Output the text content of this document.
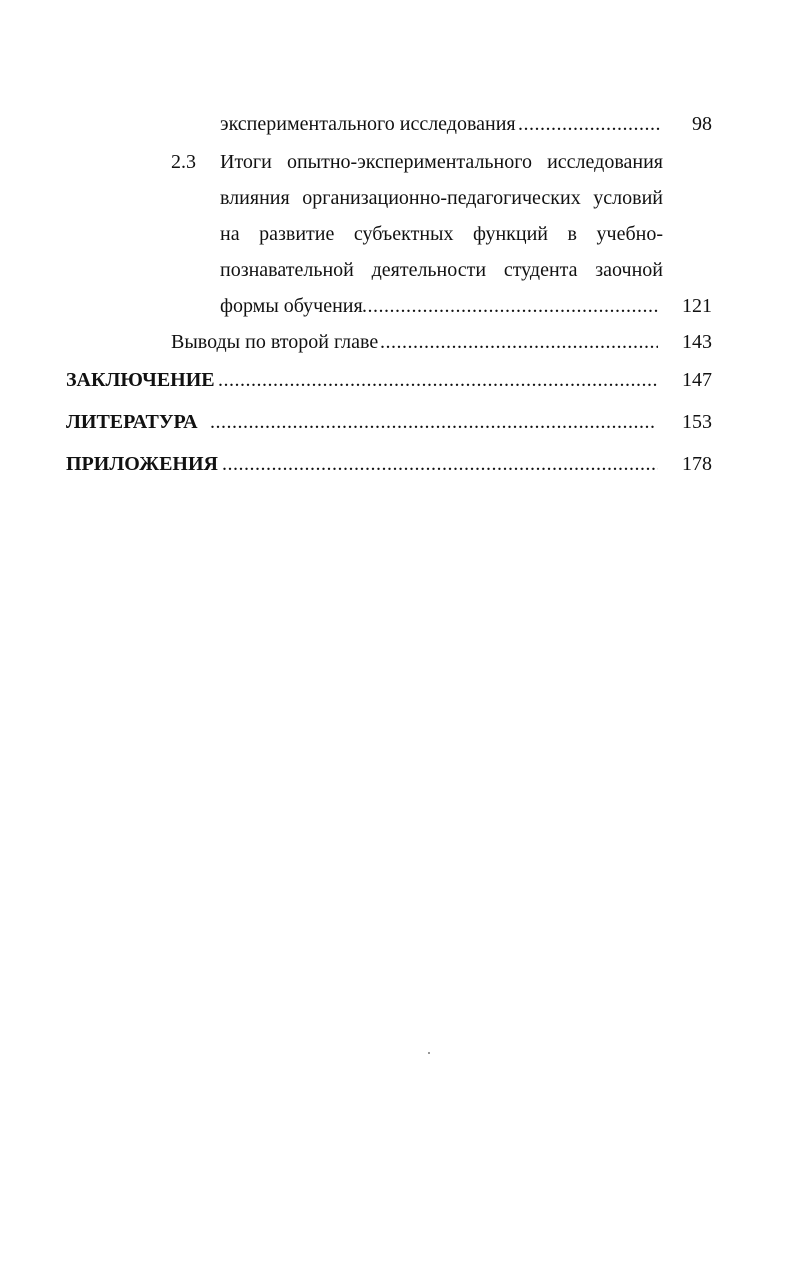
экспериментального исследования .....	98
2.3 Итоги опытно-экспериментального исследования
влияния организационно-педагогических условий
на развитие субъектных функций в учебно-
познавательной деятельности студента заочной
формы обучения .....	121
Выводы по второй главе .....	143
ЗАКЛЮЧЕНИЕ .....	147
ЛИТЕРАТУРА .....	153
ПРИЛОЖЕНИЯ .....	178
